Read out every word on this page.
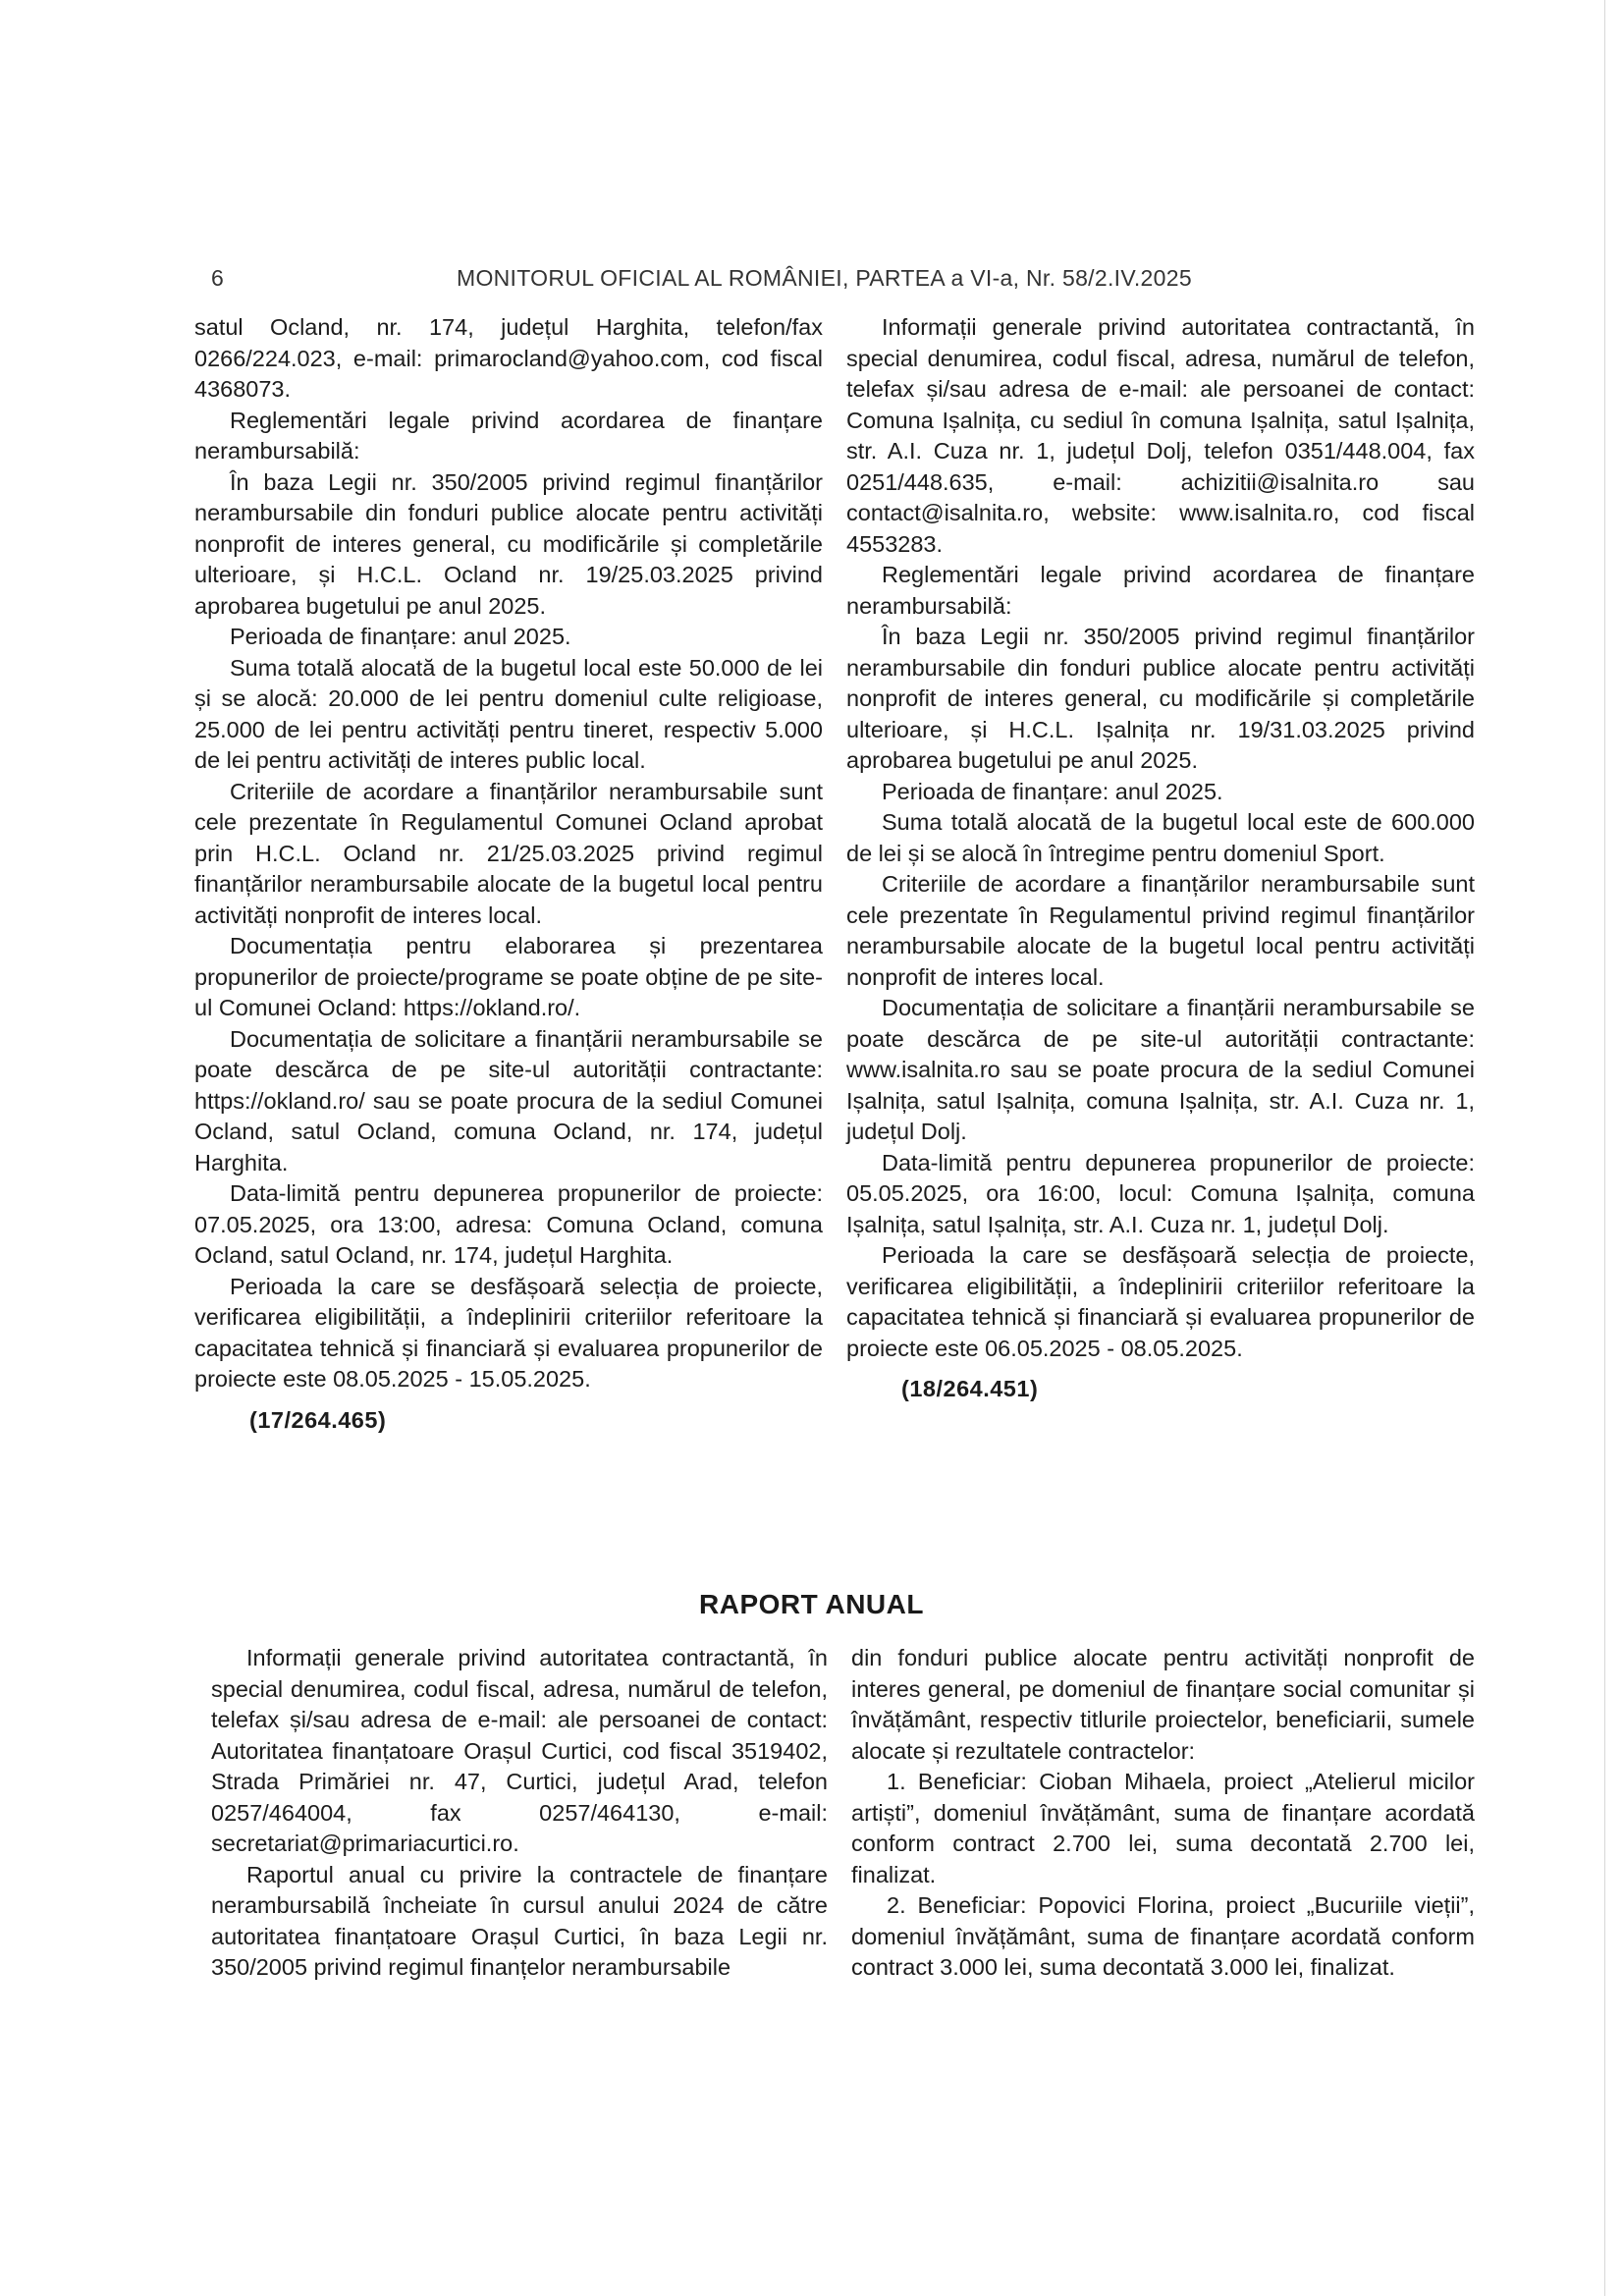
6	MONITORUL OFICIAL AL ROMÂNIEI, PARTEA a VI-a, Nr. 58/2.IV.2025

satul Ocland, nr. 174, județul Harghita, telefon/fax 0266/224.023, e-mail: primarocland@yahoo.com, cod fiscal 4368073.

Reglementări legale privind acordarea de finanțare nerambursabilă:

În baza Legii nr. 350/2005 privind regimul finanțărilor nerambursabile din fonduri publice alocate pentru activități nonprofit de interes general, cu modificările și completările ulterioare, și H.C.L. Ocland nr. 19/25.03.2025 privind aprobarea bugetului pe anul 2025.

Perioada de finanțare: anul 2025.

Suma totală alocată de la bugetul local este 50.000 de lei și se alocă: 20.000 de lei pentru domeniul culte religioase, 25.000 de lei pentru activități pentru tineret, respectiv 5.000 de lei pentru activități de interes public local.

Criteriile de acordare a finanțărilor nerambursabile sunt cele prezentate în Regulamentul Comunei Ocland aprobat prin H.C.L. Ocland nr. 21/25.03.2025 privind regimul finanțărilor nerambursabile alocate de la bugetul local pentru activități nonprofit de interes local.

Documentația pentru elaborarea și prezentarea propunerilor de proiecte/programe se poate obține de pe site-ul Comunei Ocland: https://okland.ro/.

Documentația de solicitare a finanțării nerambursabile se poate descărca de pe site-ul autorității contractante: https://okland.ro/ sau se poate procura de la sediul Comunei Ocland, satul Ocland, comuna Ocland, nr. 174, județul Harghita.

Data-limită pentru depunerea propunerilor de proiecte: 07.05.2025, ora 13:00, adresa: Comuna Ocland, comuna Ocland, satul Ocland, nr. 174, județul Harghita.

Perioada la care se desfășoară selecția de proiecte, verificarea eligibilității, a îndeplinirii criteriilor referitoare la capacitatea tehnică și financiară și evaluarea propunerilor de proiecte este 08.05.2025 - 15.05.2025.

(17/264.465)

Informații generale privind autoritatea contractantă, în special denumirea, codul fiscal, adresa, numărul de telefon, telefax și/sau adresa de e-mail: ale persoanei de contact: Comuna Ișalnița, cu sediul în comuna Ișalnița, satul Ișalnița, str. A.I. Cuza nr. 1, județul Dolj, telefon 0351/448.004, fax 0251/448.635, e-mail: achizitii@isalnita.ro sau contact@isalnita.ro, website: www.isalnita.ro, cod fiscal 4553283.

Reglementări legale privind acordarea de finanțare nerambursabilă:

În baza Legii nr. 350/2005 privind regimul finanțărilor nerambursabile din fonduri publice alocate pentru activități nonprofit de interes general, cu modificările și completările ulterioare, și H.C.L. Ișalnița nr. 19/31.03.2025 privind aprobarea bugetului pe anul 2025.

Perioada de finanțare: anul 2025.

Suma totală alocată de la bugetul local este de 600.000 de lei și se alocă în întregime pentru domeniul Sport.

Criteriile de acordare a finanțărilor nerambursabile sunt cele prezentate în Regulamentul privind regimul finanțărilor nerambursabile alocate de la bugetul local pentru activități nonprofit de interes local.

Documentația de solicitare a finanțării nerambursabile se poate descărca de pe site-ul autorității contractante: www.isalnita.ro sau se poate procura de la sediul Comunei Ișalnița, satul Ișalnița, comuna Ișalnița, str. A.I. Cuza nr. 1, județul Dolj.

Data-limită pentru depunerea propunerilor de proiecte: 05.05.2025, ora 16:00, locul: Comuna Ișalnița, comuna Ișalnița, satul Ișalnița, str. A.I. Cuza nr. 1, județul Dolj.

Perioada la care se desfășoară selecția de proiecte, verificarea eligibilității, a îndeplinirii criteriilor referitoare la capacitatea tehnică și financiară și evaluarea propunerilor de proiecte este 06.05.2025 - 08.05.2025.

(18/264.451)

RAPORT ANUAL

Informații generale privind autoritatea contractantă, în special denumirea, codul fiscal, adresa, numărul de telefon, telefax și/sau adresa de e-mail: ale persoanei de contact: Autoritatea finanțatoare Orașul Curtici, cod fiscal 3519402, Strada Primăriei nr. 47, Curtici, județul Arad, telefon 0257/464004, fax 0257/464130, e-mail: secretariat@primariacurtici.ro.

Raportul anual cu privire la contractele de finanțare nerambursabilă încheiate în cursul anului 2024 de către autoritatea finanțatoare Orașul Curtici, în baza Legii nr. 350/2005 privind regimul finanțelor nerambursabile

din fonduri publice alocate pentru activități nonprofit de interes general, pe domeniul de finanțare social comunitar și învățământ, respectiv titlurile proiectelor, beneficiarii, sumele alocate și rezultatele contractelor:

1. Beneficiar: Cioban Mihaela, proiect „Atelierul micilor artiști”, domeniul învățământ, suma de finanțare acordată conform contract 2.700 lei, suma decontată 2.700 lei, finalizat.

2. Beneficiar: Popovici Florina, proiect „Bucuriile vieții”, domeniul învățământ, suma de finanțare acordată conform contract 3.000 lei, suma decontată 3.000 lei, finalizat.
